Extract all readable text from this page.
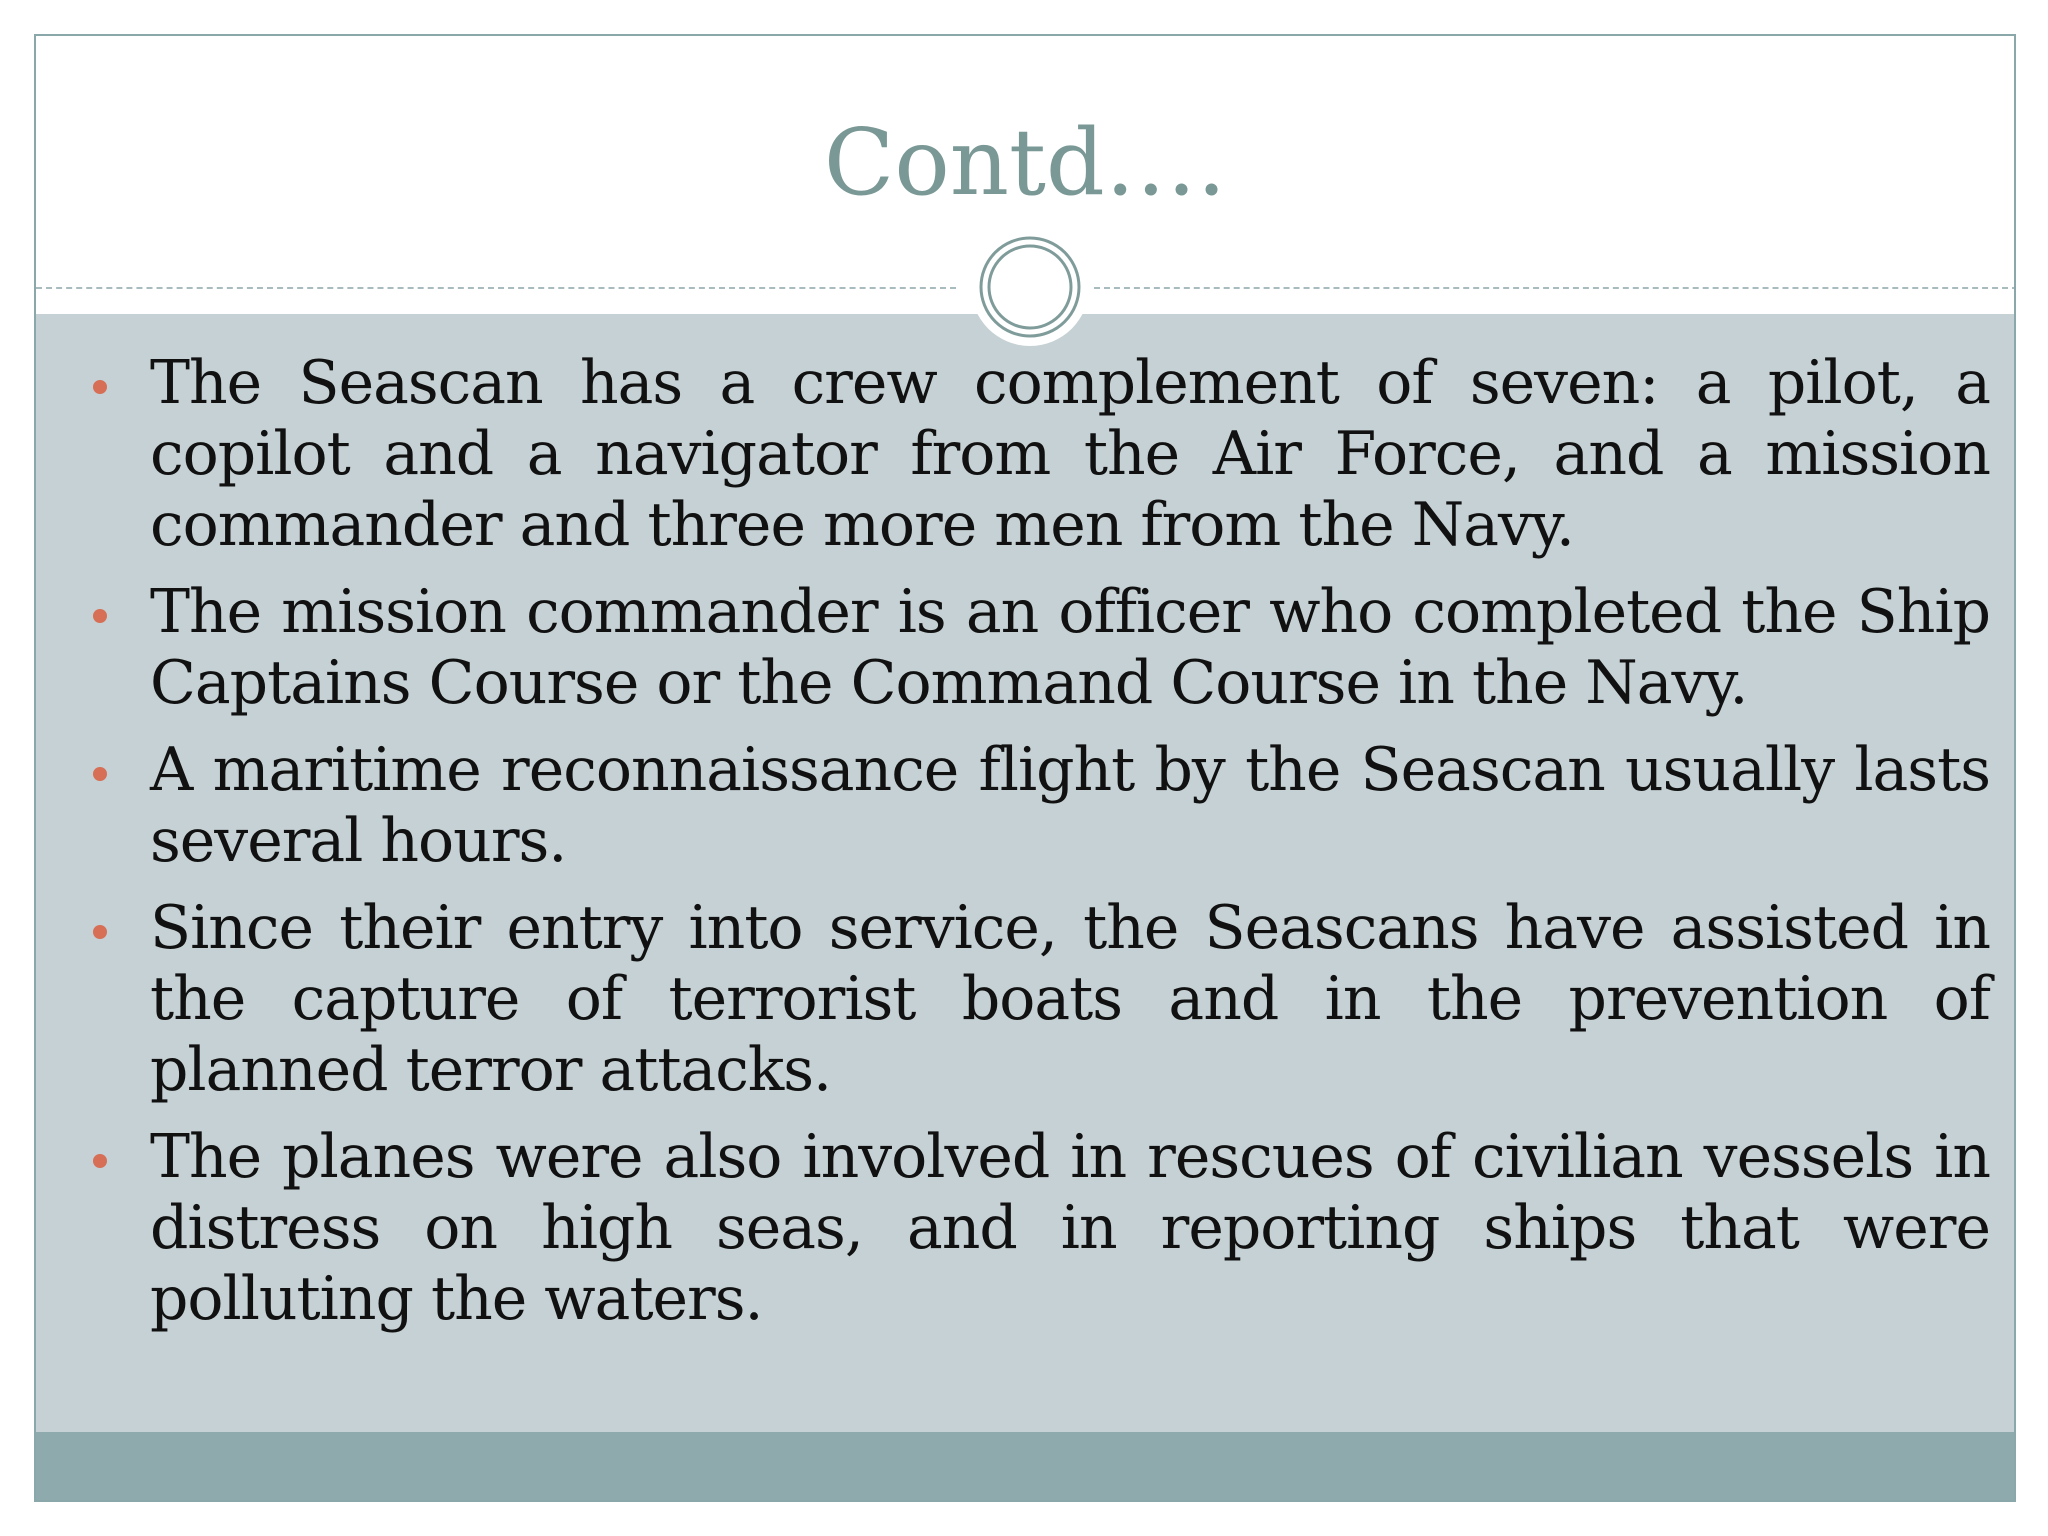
Contd….
The Seascan has a crew complement of seven: a pilot, a copilot and a navigator from the Air Force, and a mission commander and three more men from the Navy.
The mission commander is an officer who completed the Ship Captains Course or the Command Course in the Navy.
A maritime reconnaissance flight by the Seascan usually lasts several hours.
Since their entry into service, the Seascans have assisted in the capture of terrorist boats and in the prevention of planned terror attacks.
The planes were also involved in rescues of civilian vessels in distress on high seas, and in reporting ships that were polluting the waters.
